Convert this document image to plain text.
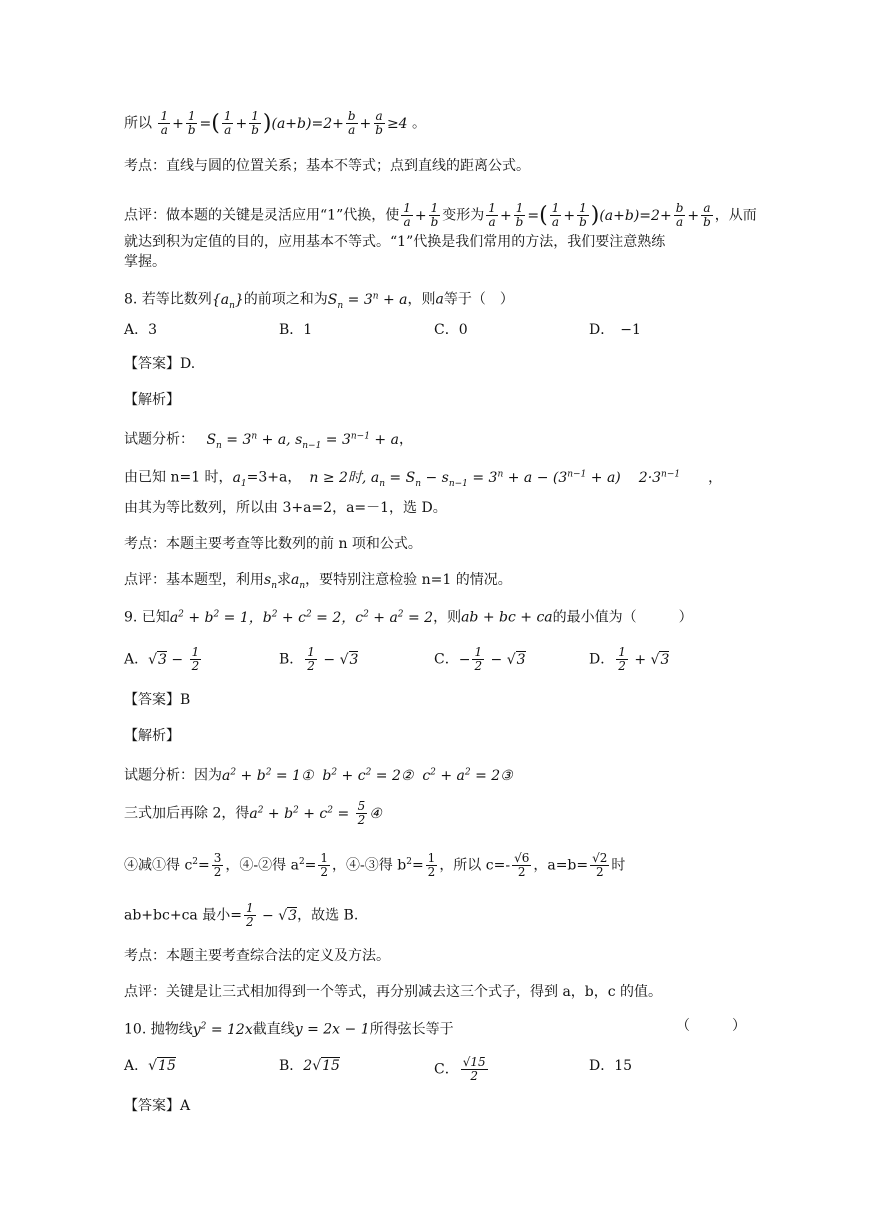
所以 $\frac{1}{a} + \frac{1}{b}$ =( $\frac{1}{a} + \frac{1}{b} )(a+b)=2+ \frac{b}{a} + \frac{a}{b} \ge 4$ 。
考点：直线与圆的位置关系；基本不等式；点到直线的距离公式。
点评：做本题的关键是灵活应用“1”代换，使 $\frac{1}{a} + \frac{1}{b}$ 变形为 $\frac{1}{a} + \frac{1}{b}$ =( $\frac{1}{a} + \frac{1}{b} )(a+b)=2+ \frac{b}{a} + \frac{a}{b}$ ，从而
就达到积为定值的目的，应用基本不等式。“1”代换是我们常用的方法，我们要注意熟练
掌握。
8. 若等比数列$\{a_n\}$的前项之和为$S_n = 3^n + a$，则a等于（　）
A．3	B．1	C．0	D． −1
【答案】D.
【解析】
试题分析： $S_n = 3^n + a$, $s_{n-1} = 3^{n-1} + a$，
由已知 n=1 时，$a_1=3+a$， n ≥ 2时, $a_n = S_n - s_{n-1} = 3^n + a - (3^{n-1} + a)$ $2\cdot 3^{n-1}$ ，
由其为等比数列，所以由 3+a=2，a=－1，选 D。
考点：本题主要考查等比数列的前 n 项和公式。
点评：基本题型，利用$s_n$求$a_n$，要特别注意检验 n=1 的情况。
9. 已知$a^2 + b^2 = 1$，$b^2 + c^2 = 2$，$c^2 + a^2 = 2$，则ab + bc + ca的最小值为（　　　）
A．$√3 - \frac{1}{2}$	B． $\frac{1}{2} - √3$	C．− $\frac{1}{2} - √3$	D． $\frac{1}{2} + √3$
【答案】B
【解析】
试题分析：因为$a^2 + b^2$ = 1①  $b^2 + c^2$ = 2②  $c^2 + a^2$ = 2③
三式加后再除 2，得$a^2 + b^2 + c^2 = \frac{5}{2}$ ④
④减①得 $c^2= \frac{3}{2}$ ，④-②得 $a^2= \frac{1}{2}$ ，④-③得 $b^2= \frac{1}{2}$ ，所以 $c=- \frac{√6}{2}$ ，$a=b= \frac{√2}{2}$ 时
ab+bc+ca 最小= $\frac{1}{2} - √3$，故选 B.
考点：本题主要考查综合法的定义及方法。
点评：关键是让三式相加得到一个等式，再分别减去这三个式子，得到 a，b，c 的值。
10. 抛物线$y^2 = 12x$截直线y = 2x − 1所得弦长等于	（　　　）
A．√15	B．2√15	C． $\frac{√15}{2}$	D．15
【答案】A
